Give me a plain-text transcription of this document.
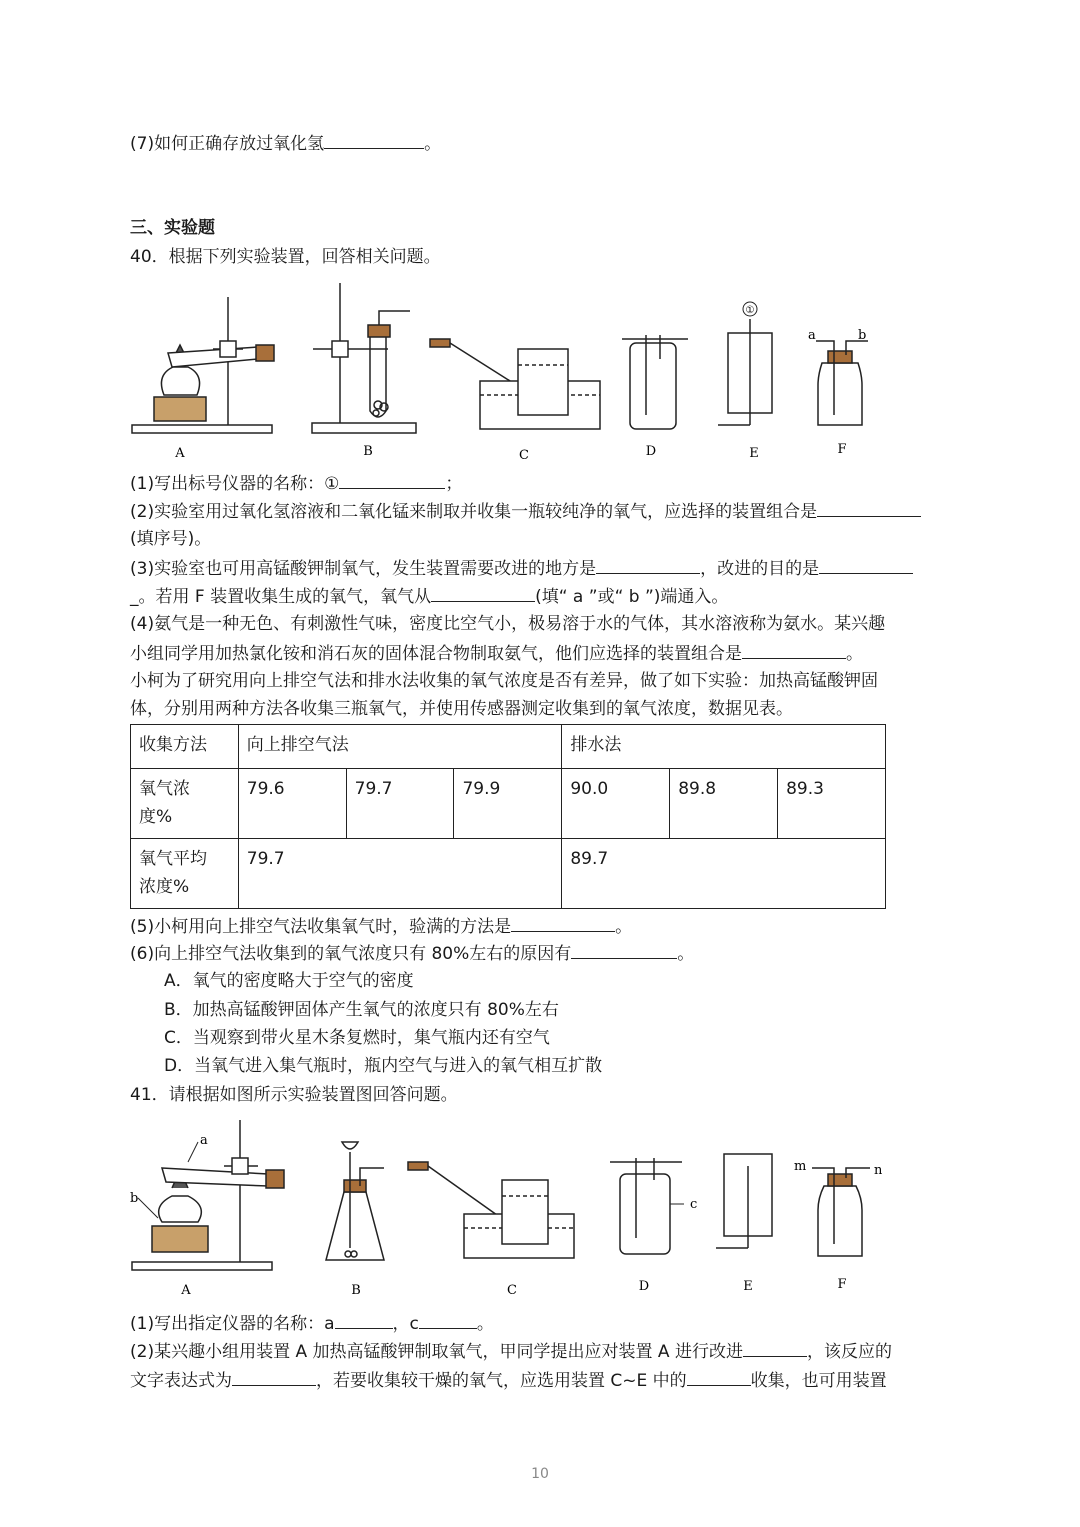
(7)如何正确存放过氧化氢	。
三、实验题
40．根据下列实验装置，回答相关问题。
①
a	b
A	B	C	D	E	F
(1)写出标号仪器的名称：①	；
(2)实验室用过氧化氢溶液和二氧化锰来制取并收集一瓶较纯净的氧气，应选择的装置组合是
(填序号)。
(3)实验室也可用高锰酸钾制氧气，发生装置需要改进的地方是	，改进的目的是
_。若用 F 装置收集生成的氧气，氧气从	(填“ a ”或“ b ”)端通入。
(4)氨气是一种无色、有刺激性气味，密度比空气小，极易溶于水的气体，其水溶液称为氨水。某兴趣
小组同学用加热氯化铵和消石灰的固体混合物制取氨气，他们应选择的装置组合是	。
小柯为了研究用向上排空气法和排水法收集的氧气浓度是否有差异，做了如下实验：加热高锰酸钾固
体，分别用两种方法各收集三瓶氧气，并使用传感器测定收集到的氧气浓度，数据见表。
收集方法	向上排空气法			排水法		
氧气浓
度%	79.6	79.7	79.9	90.0	89.8	89.3
氧气平均
浓度%	79.7			89.7		
(5)小柯用向上排空气法收集氧气时，验满的方法是	。
(6)向上排空气法收集到的氧气浓度只有 80%左右的原因有	。
A．氧气的密度略大于空气的密度
B．加热高锰酸钾固体产生氧气的浓度只有 80%左右
C．当观察到带火星木条复燃时，集气瓶内还有空气
D．当氧气进入集气瓶时，瓶内空气与进入的氧气相互扩散
41．请根据如图所示实验装置图回答问题。
a
b	c
m	n
A	B	C	D	E	F
(1)写出指定仪器的名称：a	，c	。
(2)某兴趣小组用装置 A 加热高锰酸钾制取氧气，甲同学提出应对装置 A 进行改进	，该反应的
文字表达式为	，若要收集较干燥的氧气，应选用装置 C~E 中的	收集，也可用装置
10
